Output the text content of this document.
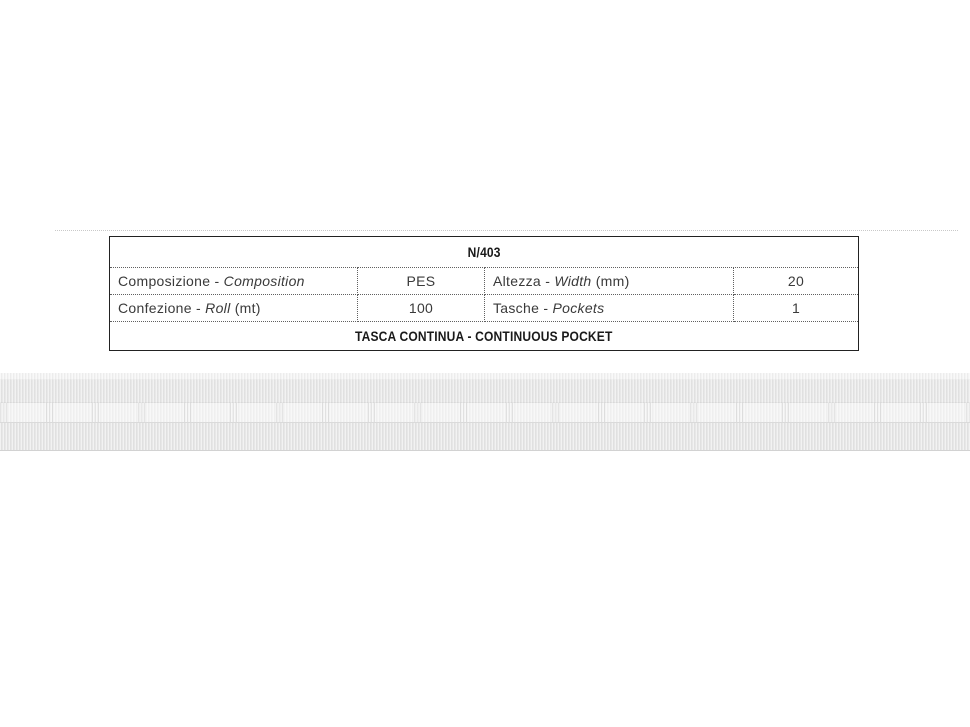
N/403			
Composizione - Composition	PES	Altezza - Width (mm)	20
Confezione - Roll (mt)	100	Tasche - Pockets	1
TASCA CONTINUA - CONTINUOUS POCKET			
